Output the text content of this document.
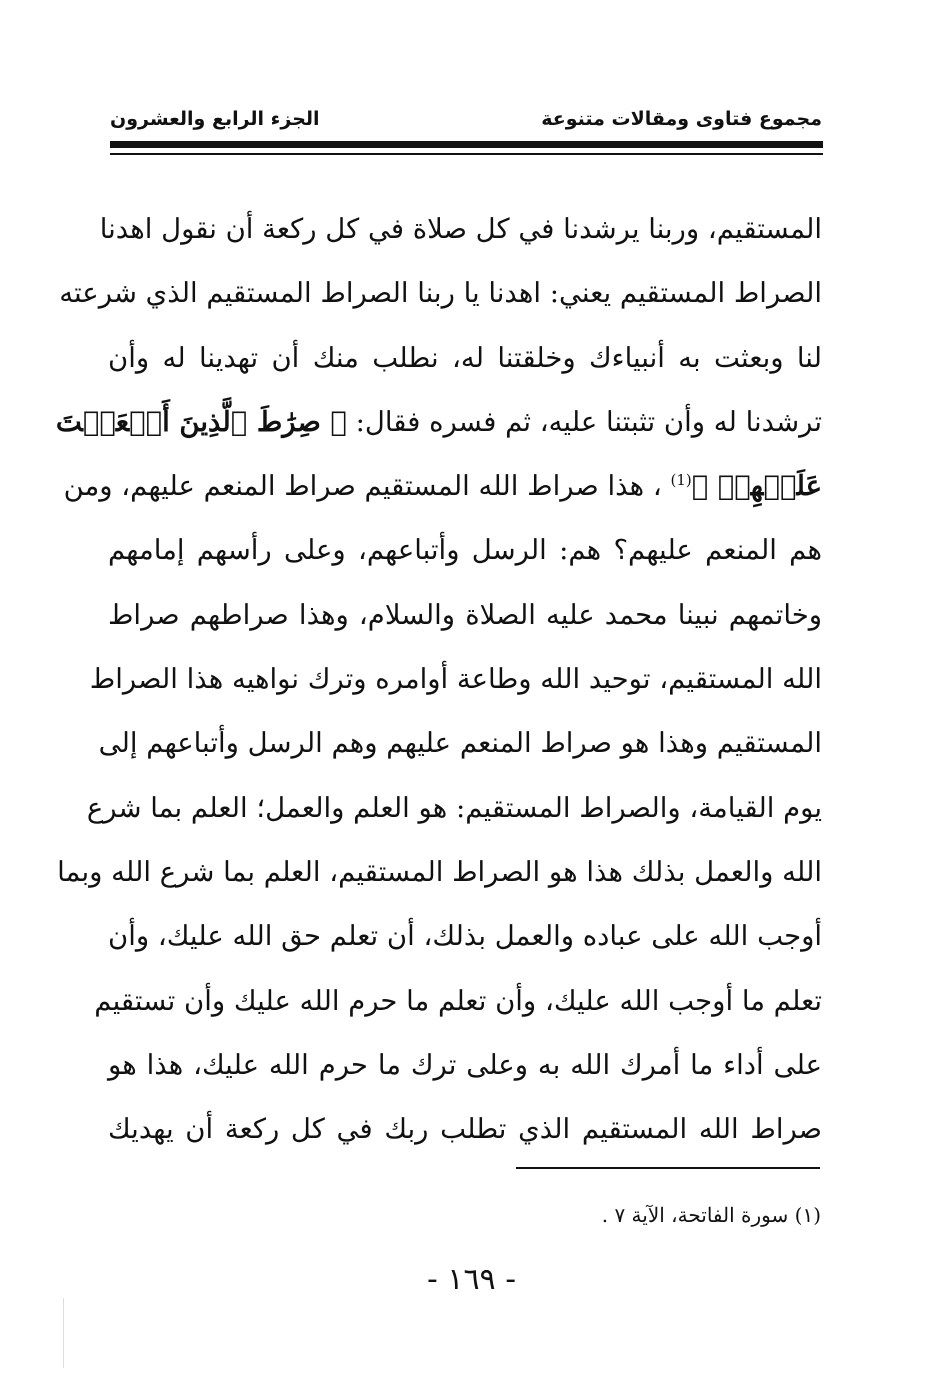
مجموع فتاوى ومقالات متنوعة
الجزء الرابع والعشرون
المستقيم، وربنا يرشدنا في كل صلاة في كل ركعة أن نقول اهدنا
الصراط المستقيم يعني: اهدنا يا ربنا الصراط المستقيم الذي شرعته
لنا وبعثت به أنبياءك وخلقتنا له، نطلب منك أن تهدينا له وأن
ترشدنا له وأن تثبتنا عليه، ثم فسره فقال: ﴿ صِرَٰطَ ٱلَّذِينَ أَنۡعَمۡتَ
عَلَيۡهِمۡ ﴾$^{(1)}$ ، هذا صراط الله المستقيم صراط المنعم عليهم، ومن
هم المنعم عليهم؟ هم: الرسل وأتباعهم، وعلى رأسهم إمامهم
وخاتمهم نبينا محمد عليه الصلاة والسلام، وهذا صراطهم صراط
الله المستقيم، توحيد الله وطاعة أوامره وترك نواهيه هذا الصراط
المستقيم وهذا هو صراط المنعم عليهم وهم الرسل وأتباعهم إلى
يوم القيامة، والصراط المستقيم: هو العلم والعمل؛ العلم بما شرع
الله والعمل بذلك هذا هو الصراط المستقيم، العلم بما شرع الله وبما
أوجب الله على عباده والعمل بذلك، أن تعلم حق الله عليك، وأن
تعلم ما أوجب الله عليك، وأن تعلم ما حرم الله عليك وأن تستقيم
على أداء ما أمرك الله به وعلى ترك ما حرم الله عليك، هذا هو
صراط الله المستقيم الذي تطلب ربك في كل ركعة أن يهديك
(١) سورة الفاتحة، الآية ٧ .
- ١٦٩ -
